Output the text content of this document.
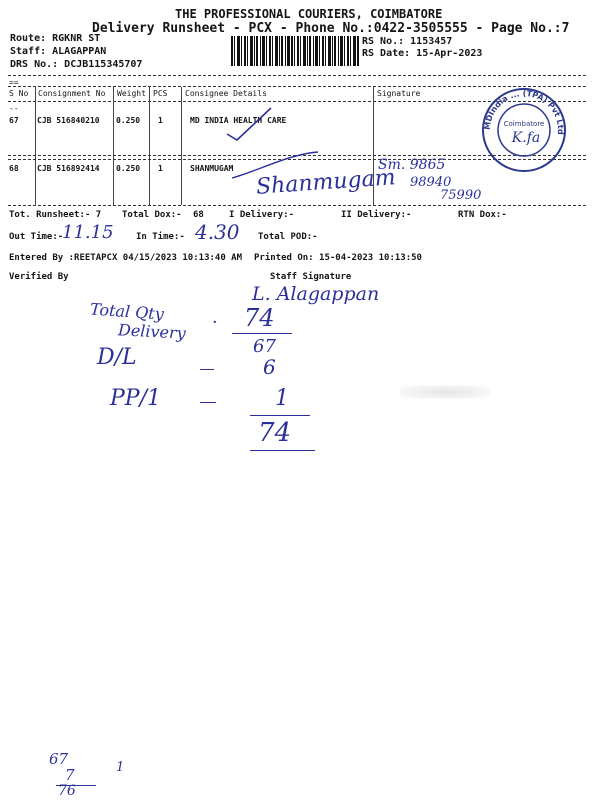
THE PROFESSIONAL COURIERS, COIMBATORE
Delivery Runsheet - PCX - Phone No.:0422-3505555 - Page No.:7
Route: RGKNR ST
Staff: ALAGAPPAN
DRS No.: DCJB115345707
RS No.: 1153457
RS Date: 15-Apr-2023
==
S No Consignment No Weight PCS Consignee Details	Signature
--
67 CJB 516840210 0.250 1	MD INDIA HEALTH CARE
68 CJB 516892414 0.250 1	SHANMUGAM
MDIndia ... (TPA) Pvt Ltd
Coimbatore
K.fa
Shanmugam
Sm. 9865
98940
75990
Tot. Runsheet:- 7 Total Dox:- 68	I Delivery:-	II Delivery:-	RTN Dox:-
Out Time:-
11.15 In Time:- 4.30 Total POD:-
Entered By :REETAPCX 04/15/2023 10:13:40 AM Printed On: 15-04-2023 10:13:50
Verified By	Staff Signature
L. Alagappan
Total Qty
Delivery · 74
67
D/L	6
PP/1	1
74
67	1
7
76
